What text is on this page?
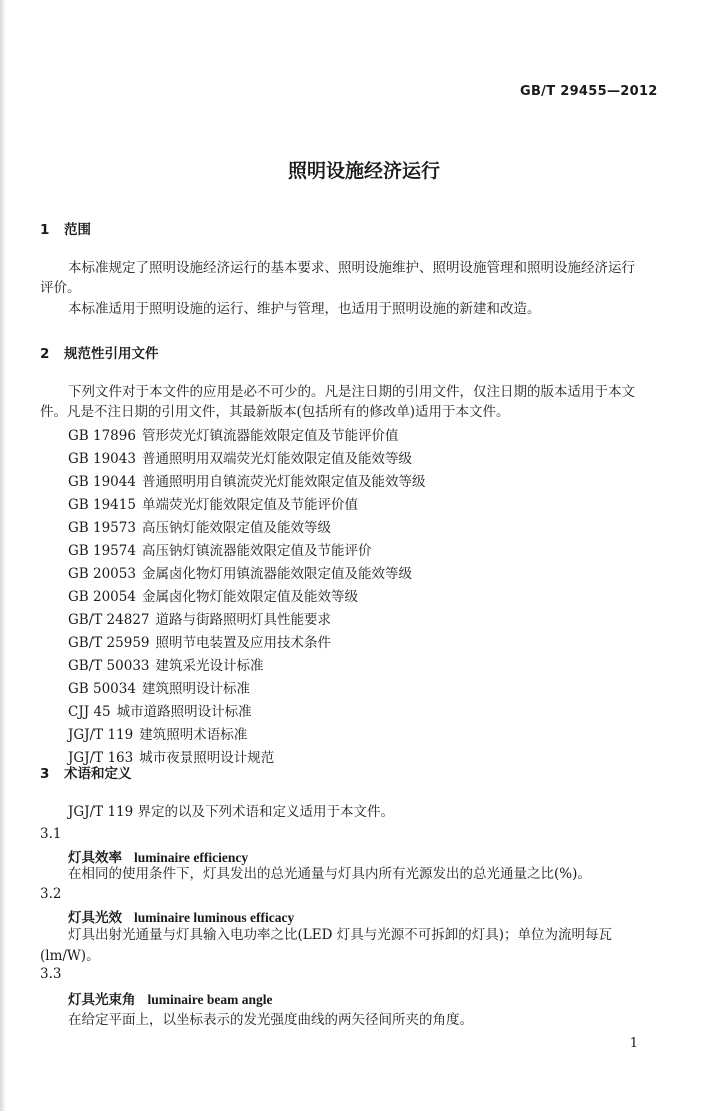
GB/T 29455—2012
照明设施经济运行
1 范围
本标准规定了照明设施经济运行的基本要求、照明设施维护、照明设施管理和照明设施经济运行
评价。
本标准适用于照明设施的运行、维护与管理，也适用于照明设施的新建和改造。
2 规范性引用文件
下列文件对于本文件的应用是必不可少的。凡是注日期的引用文件，仅注日期的版本适用于本文
件。凡是不注日期的引用文件，其最新版本(包括所有的修改单)适用于本文件。
GB 17896 管形荧光灯镇流器能效限定值及节能评价值
GB 19043 普通照明用双端荧光灯能效限定值及能效等级
GB 19044 普通照明用自镇流荧光灯能效限定值及能效等级
GB 19415 单端荧光灯能效限定值及节能评价值
GB 19573 高压钠灯能效限定值及能效等级
GB 19574 高压钠灯镇流器能效限定值及节能评价
GB 20053 金属卤化物灯用镇流器能效限定值及能效等级
GB 20054 金属卤化物灯能效限定值及能效等级
GB/T 24827 道路与街路照明灯具性能要求
GB/T 25959 照明节电装置及应用技术条件
GB/T 50033 建筑采光设计标准
GB 50034 建筑照明设计标准
CJJ 45 城市道路照明设计标准
JGJ/T 119 建筑照明术语标准
JGJ/T 163 城市夜景照明设计规范
3 术语和定义
JGJ/T 119 界定的以及下列术语和定义适用于本文件。
3.1
灯具效率 luminaire efficiency
在相同的使用条件下，灯具发出的总光通量与灯具内所有光源发出的总光通量之比(%)。
3.2
灯具光效 luminaire luminous efficacy
灯具出射光通量与灯具输入电功率之比(LED 灯具与光源不可拆卸的灯具)；单位为流明每瓦
(lm/W)。
3.3
灯具光束角 luminaire beam angle
在给定平面上，以坐标表示的发光强度曲线的两矢径间所夹的角度。
1
